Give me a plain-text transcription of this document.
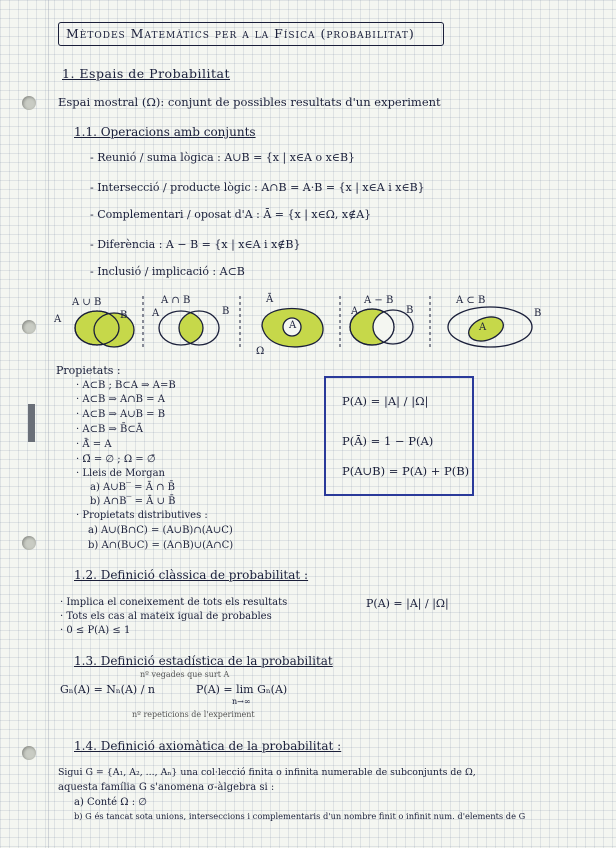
Mètodes Matemàtics per a la Física (probabilitat)
1. Espais de Probabilitat
Espai mostral (Ω): conjunt de possibles resultats d'un experiment
1.1. Operacions amb conjunts
- Reunió / suma lògica : A∪B = {x | x∈A o x∈B}
- Intersecció / producte lògic : A∩B = A·B = {x | x∈A i x∈B}
- Complementari / oposat d'A : Ā = {x | x∈Ω, x∉A}
- Diferència : A − B = {x | x∈A i x∉B}
- Inclusió / implicació : A⊂B
A ∪ B	A ∩ B	Ā	A − B	A ⊂ B
A	B A	B
A
Ω
A	B
A
B
Propietats :
· A⊂B ; B⊂A ⇒ A=B
· A⊂B ⇒ A∩B = A
· A⊂B ⇒ A∪B = B
· A⊂B ⇒ B̄⊂Ā
· Ā̄ = A
· Ω̄ = ∅ ; Ω = ∅̄
· Lleis de Morgan
a) A∪B‾ = Ā ∩ B̄
b) A∩B‾ = Ā ∪ B̄
· Propietats distributives :
a) A∪(B∩C) = (A∪B)∩(A∪C)
b) A∩(B∪C) = (A∩B)∪(A∩C)
P(A) = |A| / |Ω|
P(Ā) = 1 − P(A)
P(A∪B) = P(A) + P(B)
1.2. Definició clàssica de probabilitat :
· Implica el coneixement de tots els resultats
· Tots els cas al mateix igual de probables
· 0 ≤ P(A) ≤ 1
P(A) = |A| / |Ω|
1.3. Definició estadística de la probabilitat
nº vegades que surt A
Gₙ(A) = Nₙ(A) / n	P(A) = lim Gₙ(A)
n→∞
nº repeticions de l'experiment
1.4. Definició axiomàtica de la probabilitat :
Sigui G = {A₁, A₂, ..., Aₙ} una col·lecció finita o infinita numerable de subconjunts de Ω,
aquesta família G s'anomena σ-àlgebra si :
a) Conté Ω : ∅
b) G és tancat sota unions, interseccions i complementaris d'un nombre finit o infinit num. d'elements de G
